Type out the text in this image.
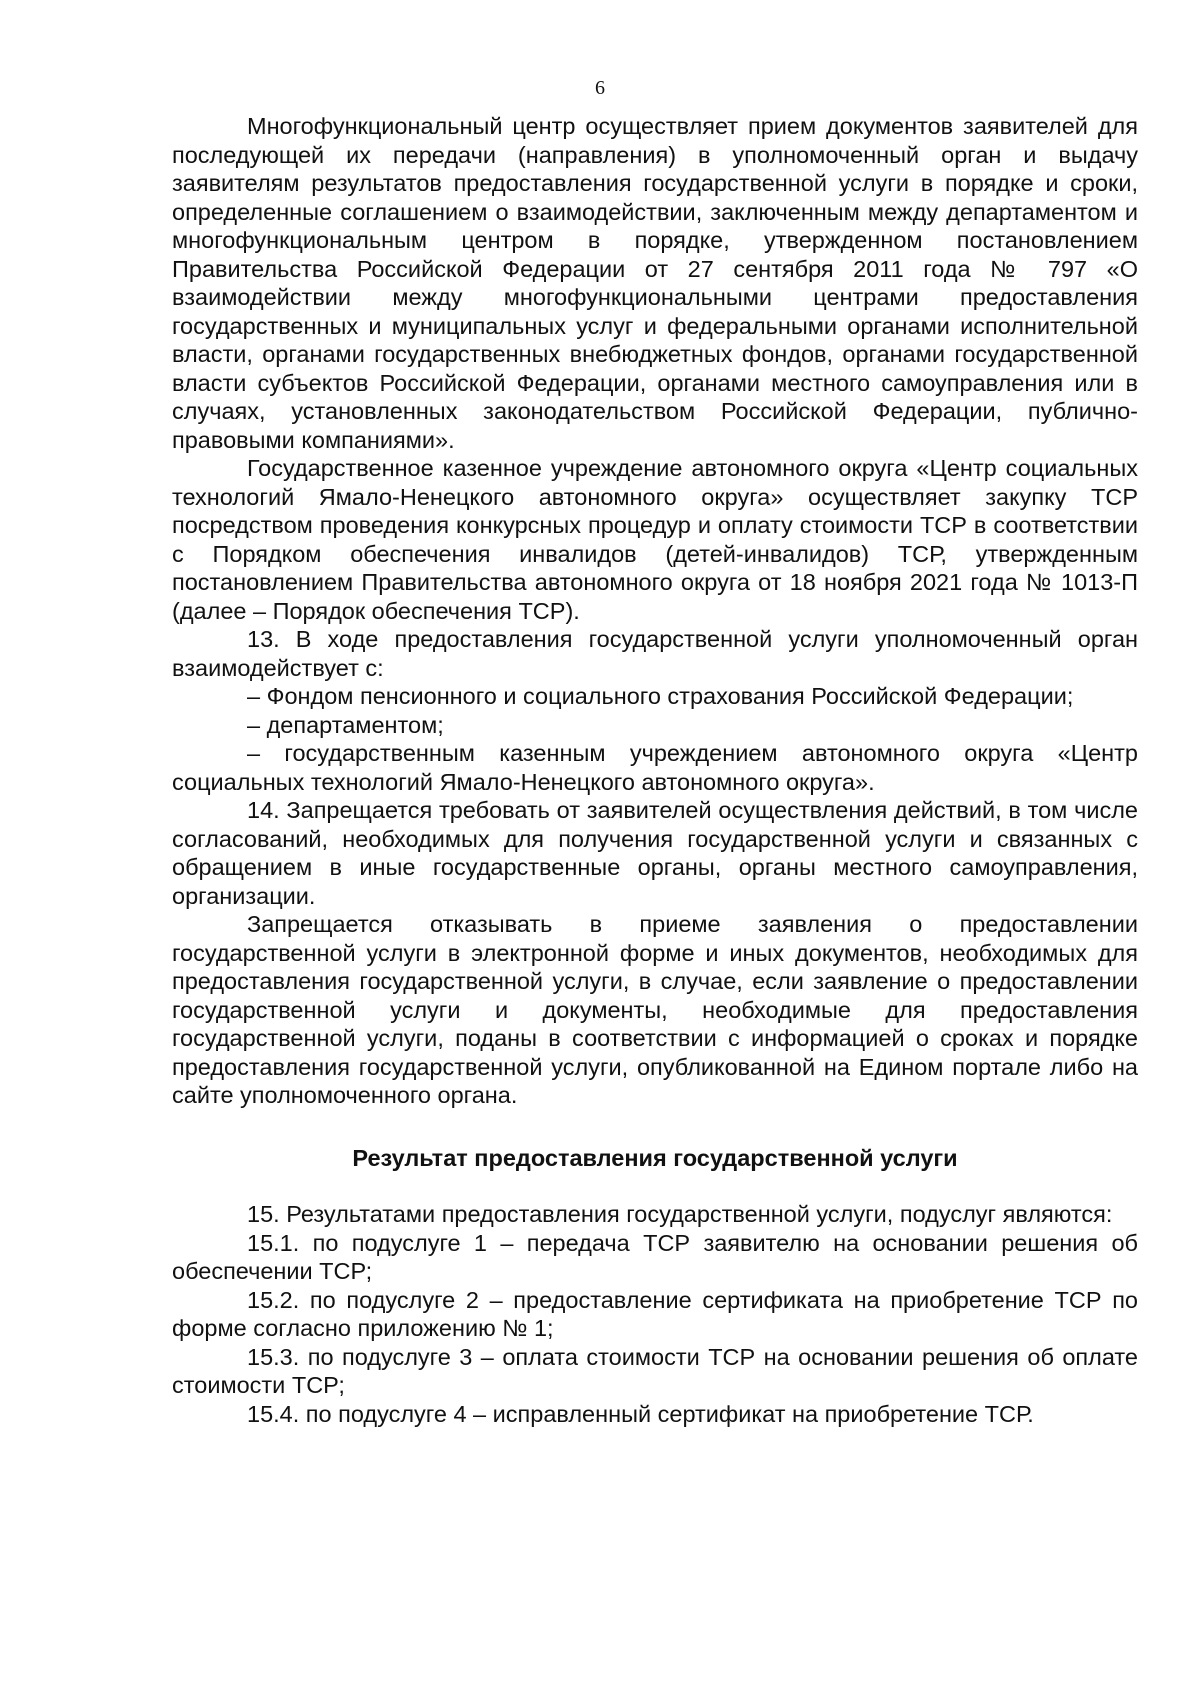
6

Многофункциональный центр осуществляет прием документов заявителей для последующей их передачи (направления) в уполномоченный орган и выдачу заявителям результатов предоставления государственной услуги в порядке и сроки, определенные соглашением о взаимодействии, заключенным между департаментом и многофункциональным центром в порядке, утвержденном постановлением Правительства Российской Федерации от 27 сентября 2011 года № 797 «О взаимодействии между многофункциональными центрами предоставления государственных и муниципальных услуг и федеральными органами исполнительной власти, органами государственных внебюджетных фондов, органами государственной власти субъектов Российской Федерации, органами местного самоуправления или в случаях, установленных законодательством Российской Федерации, публично-правовыми компаниями».

Государственное казенное учреждение автономного округа «Центр социальных технологий Ямало-Ненецкого автономного округа» осуществляет закупку ТСР посредством проведения конкурсных процедур и оплату стоимости ТСР в соответствии с Порядком обеспечения инвалидов (детей-инвалидов) ТСР, утвержденным постановлением Правительства автономного округа от 18 ноября 2021 года № 1013-П (далее – Порядок обеспечения ТСР).

13. В ходе предоставления государственной услуги уполномоченный орган взаимодействует с:

– Фондом пенсионного и социального страхования Российской Федерации;

– департаментом;

– государственным казенным учреждением автономного округа «Центр социальных технологий Ямало-Ненецкого автономного округа».

14. Запрещается требовать от заявителей осуществления действий, в том числе согласований, необходимых для получения государственной услуги и связанных с обращением в иные государственные органы, органы местного самоуправления, организации.

Запрещается отказывать в приеме заявления о предоставлении государственной услуги в электронной форме и иных документов, необходимых для предоставления государственной услуги, в случае, если заявление о предоставлении государственной услуги и документы, необходимые для предоставления государственной услуги, поданы в соответствии с информацией о сроках и порядке предоставления государственной услуги, опубликованной на Едином портале либо на сайте уполномоченного органа.

Результат предоставления государственной услуги

15. Результатами предоставления государственной услуги, подуслуг являются:

15.1. по подуслуге 1 – передача ТСР заявителю на основании решения об обеспечении ТСР;

15.2. по подуслуге 2 – предоставление сертификата на приобретение ТСР по форме согласно приложению № 1;

15.3. по подуслуге 3 – оплата стоимости ТСР на основании решения об оплате стоимости ТСР;

15.4. по подуслуге 4 – исправленный сертификат на приобретение ТСР.
